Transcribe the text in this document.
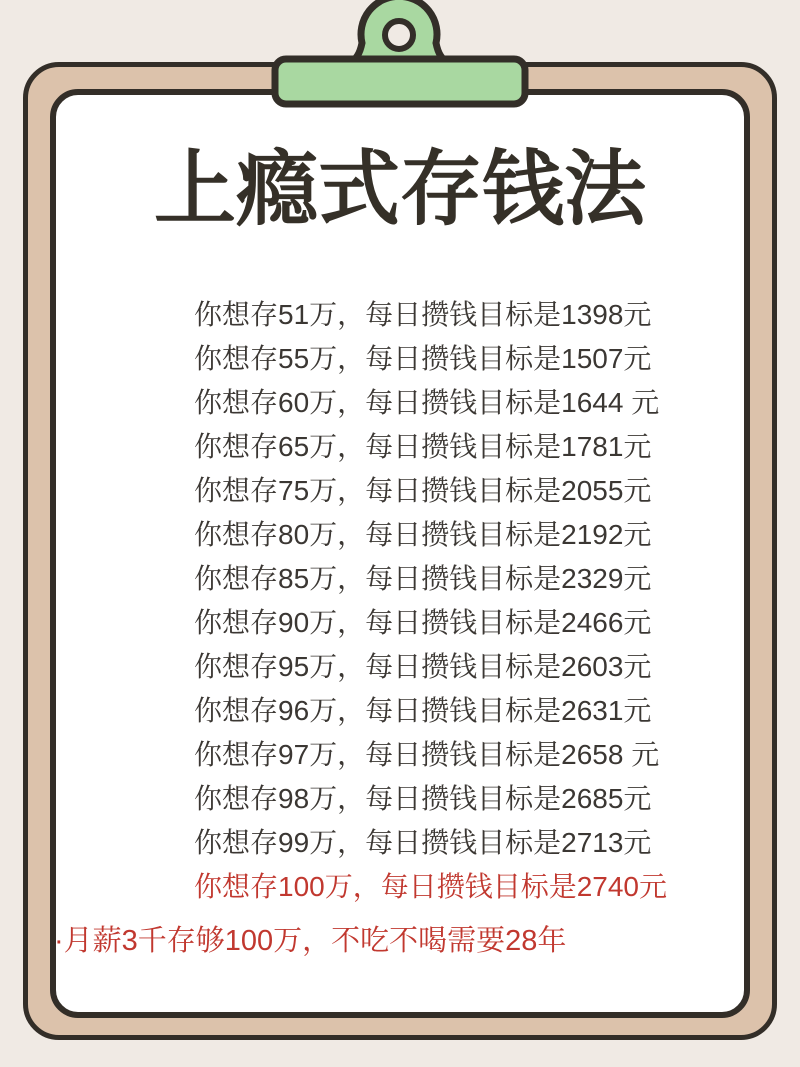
上瘾式存钱法
你想存51万，每日攒钱目标是1398元
你想存55万，每日攒钱目标是1507元
你想存60万，每日攒钱目标是1644 元
你想存65万，每日攒钱目标是1781元
你想存75万，每日攒钱目标是2055元
你想存80万，每日攒钱目标是2192元
你想存85万，每日攒钱目标是2329元
你想存90万，每日攒钱目标是2466元
你想存95万，每日攒钱目标是2603元
你想存96万，每日攒钱目标是2631元
你想存97万，每日攒钱目标是2658 元
你想存98万，每日攒钱目标是2685元
你想存99万，每日攒钱目标是2713元
你想存100万，每日攒钱目标是2740元
·月薪3千存够100万，不吃不喝需要28年
